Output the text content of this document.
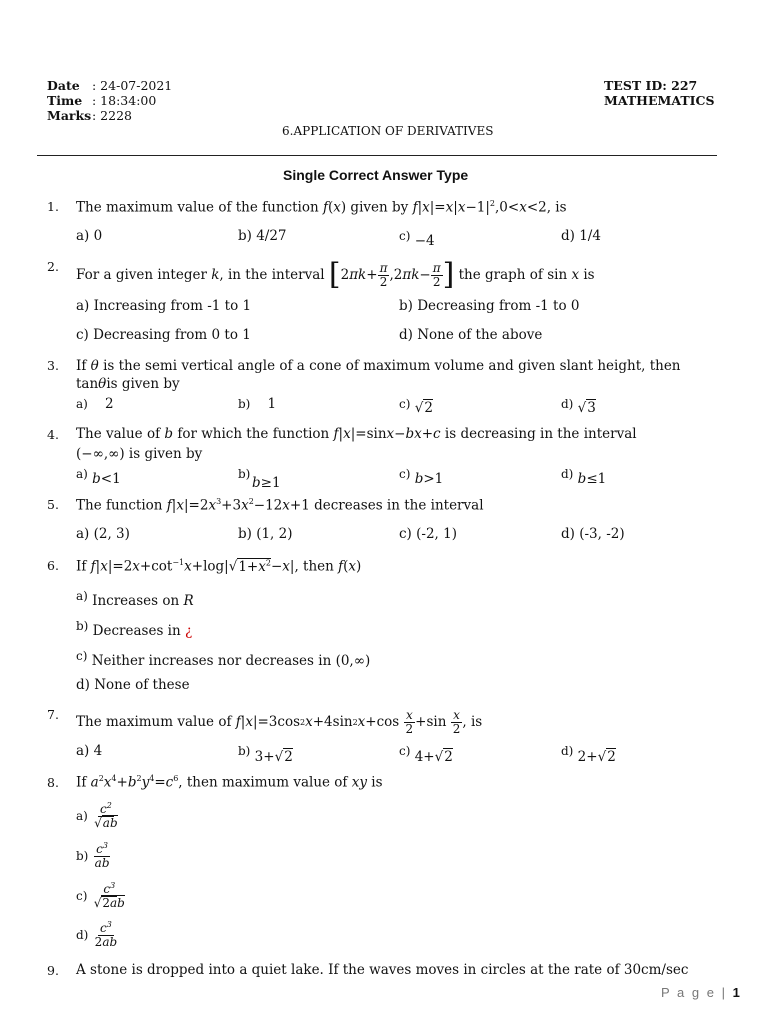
Date : 24-07-2021
Time : 18:34:00
Marks : 2228
TEST ID: 227
MATHEMATICS
6.APPLICATION OF DERIVATIVES
Single Correct Answer Type
1. The maximum value of the function f(x) given by $f|x|=x|x-1|^2,0<x<2$, is
a) 0	b) 4/27	c) −4	d) 1/4
2.
For a given integer
k , in the interval
[ 2 $\pi k + \frac{\pi}{2} ,2$ $\pi k - \frac{\pi}{2}$ ]
the graph of sin x is
a) Increasing from -1 to 1	b) Decreasing from -1 to 0
c) Decreasing from 0 to 1	d) None of the above
3. If θ is the semi vertical angle of a cone of maximum volume and given slant height, then
tanθis given by
a) 2	b) 1	c) √2	d) √3
4. The value of b for which the function f|x|=sinx−bx+c is decreasing in the interval
(−∞,∞) is given by
a) b<1	b)
b≥1
c) b>1	d) b≤1
5. The function $f|x|=2x^3+3x^2-12x+1$ decreases in the interval
a) (2, 3)	b) (1, 2)	c) (-2, 1)	d) (-3, -2)
6. If $f|x|=2x+\cot^{-1}x+\log|√1+x^2-x|$, then f(x)
a) Increases on R
b) Decreases in ¿
c) Neither increases nor decreases in (0,∞)
d) None of these
7. The maximum value of
f | x |=3cos 2 x +4sin 2 $x +\cos \frac{x}{2} +\sin \frac{x}{2}$ , is
a) 4	b) 3+√2	c) 4+√2	d) 2+√2
8. If $a^2x^4+b^2y^4=c^6$, then maximum value of xy is
a)
$\frac{c^2}{√ab}$
b)
$\frac{c^3}{ab}$
c)
$\frac{c^3}{√2ab}$
d)
$\frac{c^3}{2ab}$
9. A stone is dropped into a quiet lake. If the waves moves in circles at the rate of 30cm/sec
P a g e | 1
